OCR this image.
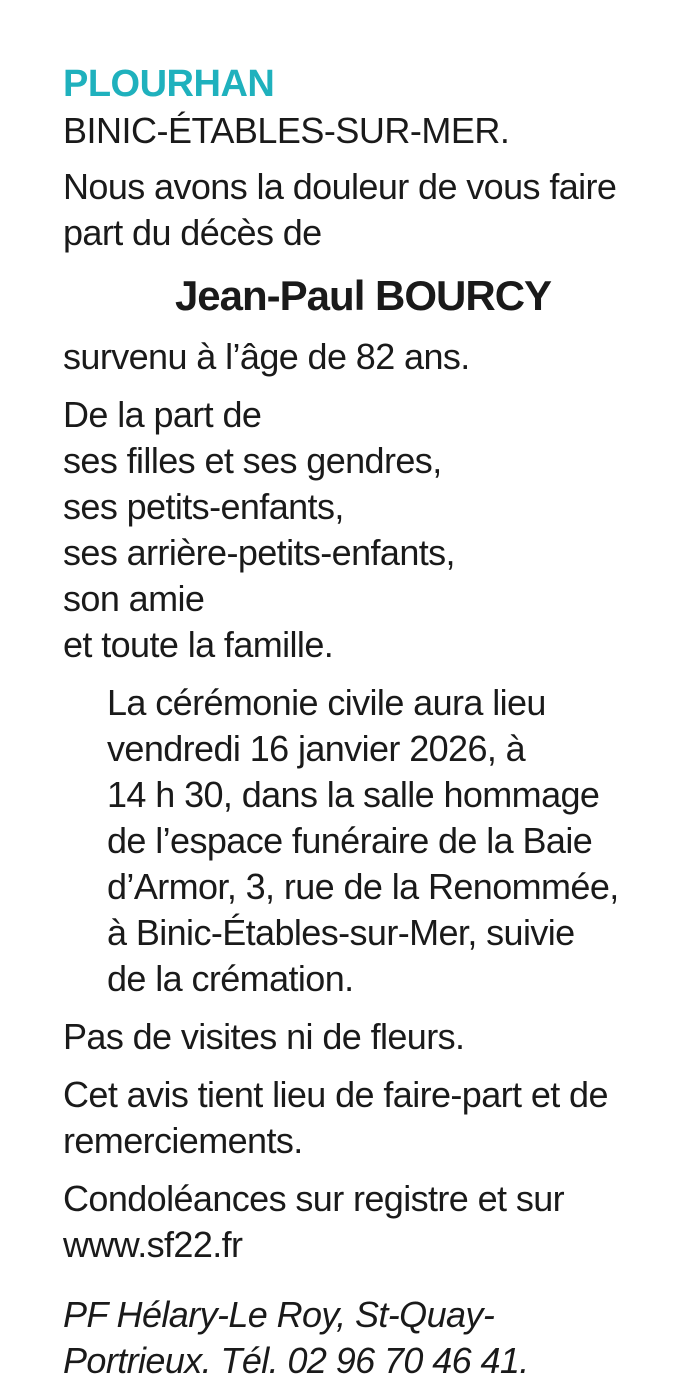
PLOURHAN
BINIC-ÉTABLES-SUR-MER.
Nous avons la douleur de vous faire
part du décès de
Jean-Paul BOURCY
survenu à l’âge de 82 ans.
De la part de
ses filles et ses gendres,
ses petits-enfants,
ses arrière-petits-enfants,
son amie
et toute la famille.
La cérémonie civile aura lieu
vendredi 16 janvier 2026, à
14 h 30, dans la salle hommage
de l’espace funéraire de la Baie
d’Armor, 3, rue de la Renommée,
à Binic-Étables-sur-Mer, suivie
de la crémation.
Pas de visites ni de fleurs.
Cet avis tient lieu de faire-part et de
remerciements.
Condoléances sur registre et sur
www.sf22.fr
PF Hélary-Le Roy, St-Quay-
Portrieux. Tél. 02 96 70 46 41.
